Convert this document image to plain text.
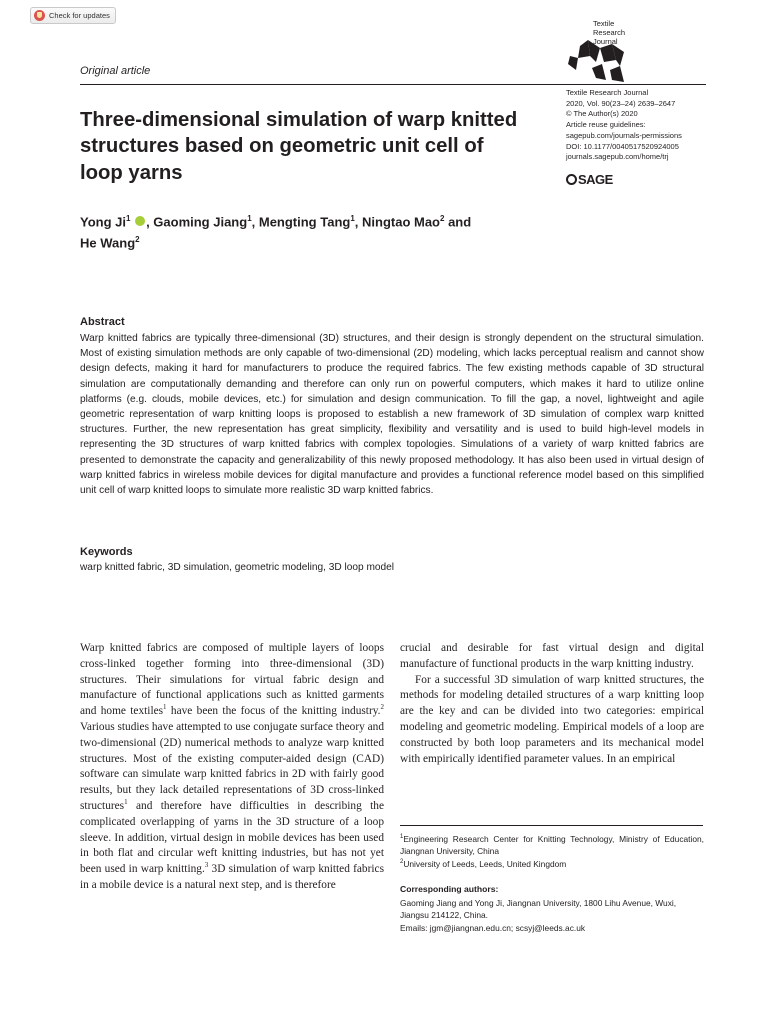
Check for updates
Original article
Textile
Research
Journal
Textile Research Journal
2020, Vol. 90(23–24) 2639–2647
© The Author(s) 2020
Article reuse guidelines:
sagepub.com/journals-permissions
DOI: 10.1177/0040517520924005
journals.sagepub.com/home/trj
SAGE
Three-dimensional simulation of warp knitted structures based on geometric unit cell of loop yarns
Yong Ji$^1$ , Gaoming Jiang$^1$, Mengting Tang$^1$, Ningtao Mao$^2$ and
He Wang$^2$
Abstract
Warp knitted fabrics are typically three-dimensional (3D) structures, and their design is strongly dependent on the structural simulation. Most of existing simulation methods are only capable of two-dimensional (2D) modeling, which lacks perceptual realism and cannot show design defects, making it hard for manufacturers to produce the required fabrics. The few existing methods capable of 3D structural simulation are computationally demanding and therefore can only run on powerful computers, which makes it hard to utilize online platforms (e.g. clouds, mobile devices, etc.) for simulation and design communication. To fill the gap, a novel, lightweight and agile geometric representation of warp knitting loops is proposed to establish a new framework of 3D simulation of complex warp knitted structures. Further, the new representation has great simplicity, flexibility and versatility and is used to build high-level models in representing the 3D structures of warp knitted fabrics with complex topologies. Simulations of a variety of warp knitted fabrics are presented to demonstrate the capacity and generalizability of this newly proposed methodology. It has also been used in virtual design of warp knitted fabrics in wireless mobile devices for digital manufacture and provides a functional reference model based on this simplified unit cell of warp knitted loops to simulate more realistic 3D warp knitted fabrics.
Keywords
warp knitted fabric, 3D simulation, geometric modeling, 3D loop model

Warp knitted fabrics are composed of multiple layers of loops cross-linked together forming into three-dimensional (3D) structures. Their simulations for virtual fabric design and manufacture of functional applications such as knitted garments and home textiles$^1$ have been the focus of the knitting industry.$^2$ Various studies have attempted to use conjugate surface theory and two-dimensional (2D) numerical methods to analyze warp knitted structures. Most of the existing computer-aided design (CAD) software can simulate warp knitted fabrics in 2D with fairly good results, but they lack detailed representations of 3D cross-linked structures$^1$ and therefore have difficulties in describing the complicated overlapping of yarns in the 3D structure of a loop sleeve. In addition, virtual design in mobile devices has been used in both flat and circular weft knitting industries, but has not yet been used in warp knitting.$^3$ 3D simulation of warp knitted fabrics in a mobile device is a natural next step, and is therefore

crucial and desirable for fast virtual design and digital manufacture of functional products in the warp knitting industry.

For a successful 3D simulation of warp knitted structures, the methods for modeling detailed structures of a warp knitting loop are the key and can be divided into two categories: empirical modeling and geometric modeling. Empirical models of a loop are constructed by both loop parameters and its mechanical model with empirically identified parameter values. In an empirical

$^1$Engineering Research Center for Knitting Technology, Ministry of Education, Jiangnan University, China

$^2$University of Leeds, Leeds, United Kingdom

Corresponding authors:

Gaoming Jiang and Yong Ji, Jiangnan University, 1800 Lihu Avenue, Wuxi, Jiangsu 214122, China.

Emails: jgm@jiangnan.edu.cn; scsyj@leeds.ac.uk
